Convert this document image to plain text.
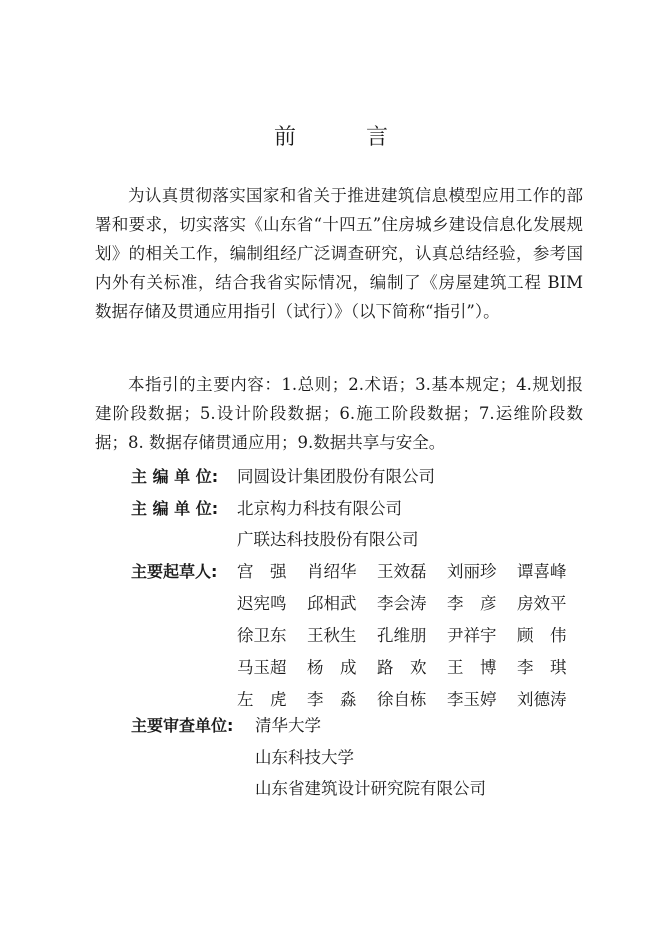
前　言

为认真贯彻落实国家和省关于推进建筑信息模型应用工作的部署和要求，切实落实《山东省“十四五”住房城乡建设信息化发展规划》的相关工作，编制组经广泛调查研究，认真总结经验，参考国内外有关标准，结合我省实际情况，编制了《房屋建筑工程 BIM 数据存储及贯通应用指引（试行）》（以下简称“指引”）。

本指引的主要内容：1.总则；2.术语；3.基本规定；4.规划报建阶段数据；5.设计阶段数据；6.施工阶段数据；7.运维阶段数据；8. 数据存储贯通应用；9.数据共享与安全。

主 编 单 位: 同圆设计集团股份有限公司
主 编 单 位: 北京构力科技有限公司
广联达科技股份有限公司
主要起草人: 宫　强	肖绍华	王效磊	刘丽珍	谭喜峰
迟宪鸣	邱相武	李会涛	李　彦	房效平
徐卫东	王秋生	孔维朋	尹祥宇	顾　伟
马玉超	杨　成	路　欢	王　博	李　琪
左　虎	李　淼	徐自栋	李玉婷	刘德涛
主要审查单位: 清华大学
山东科技大学
山东省建筑设计研究院有限公司
